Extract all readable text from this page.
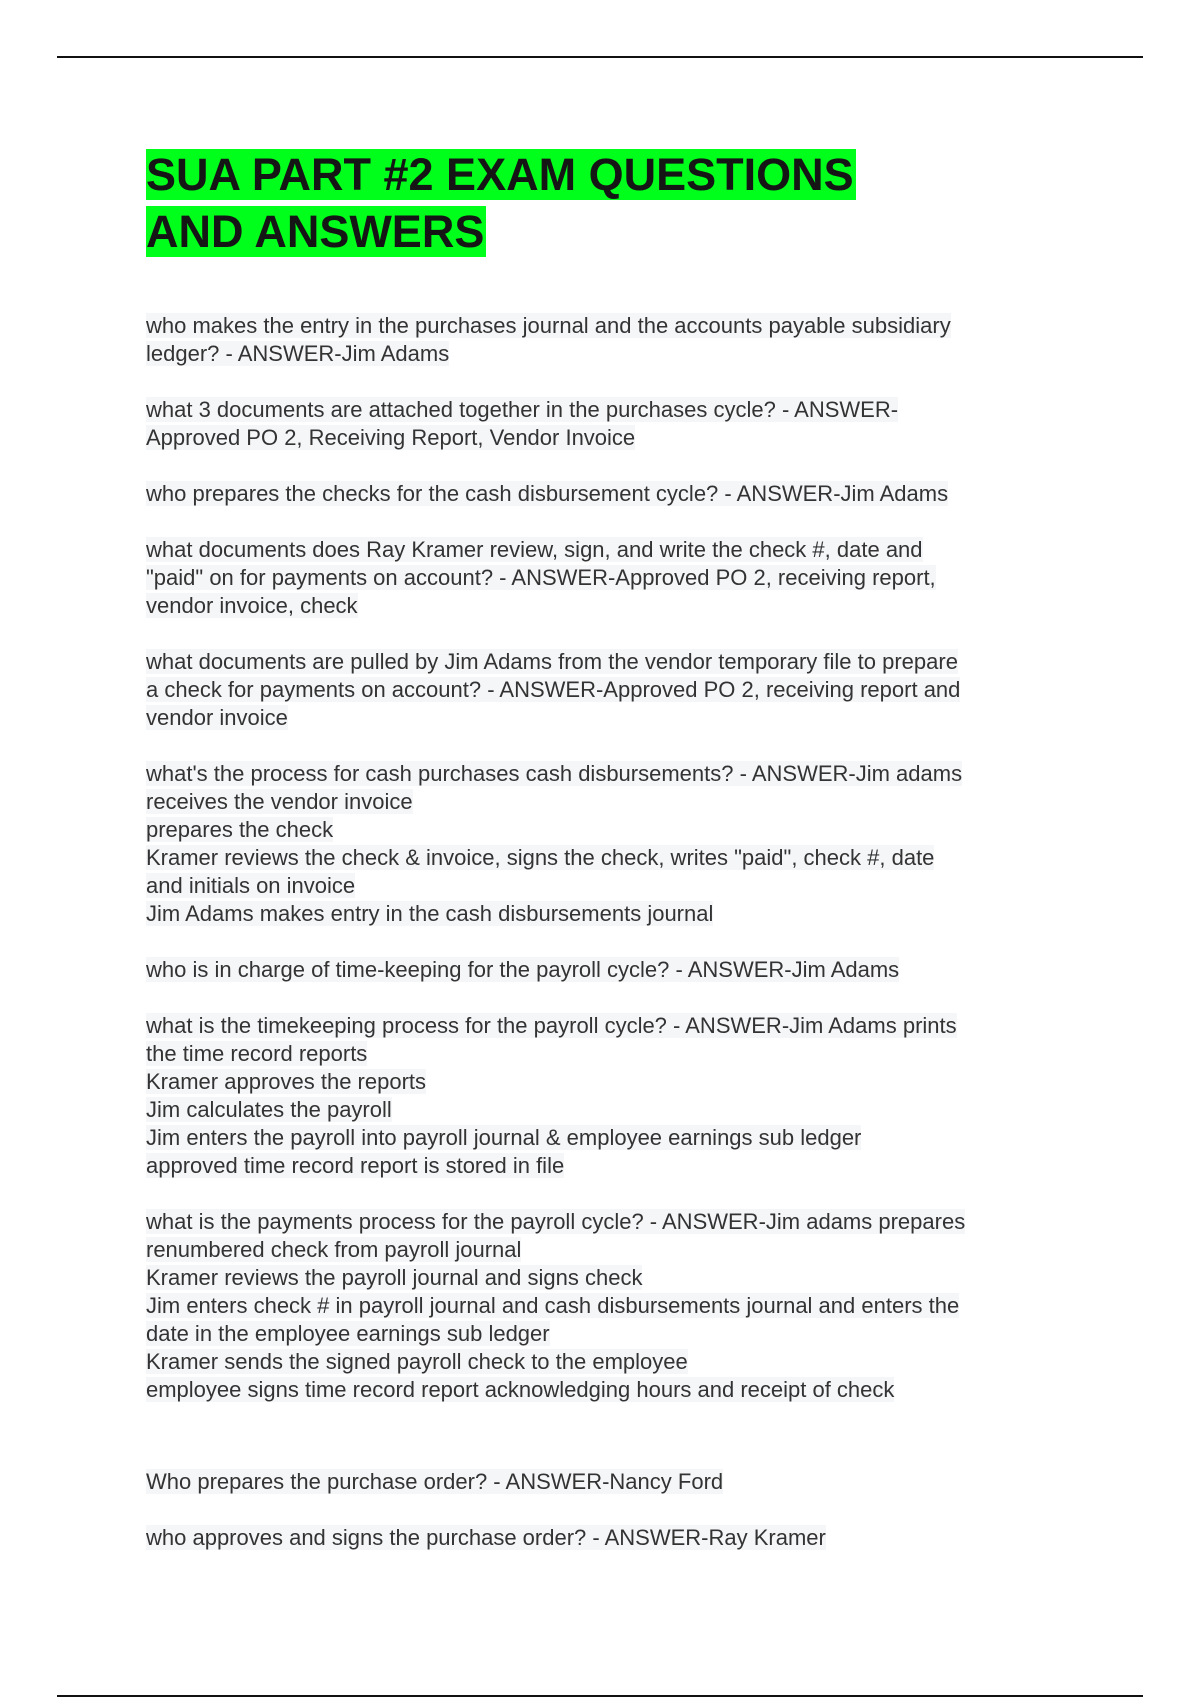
SUA PART #2 EXAM QUESTIONS
AND ANSWERS
who makes the entry in the purchases journal and the accounts payable subsidiary
ledger? - ANSWER-Jim Adams
what 3 documents are attached together in the purchases cycle? - ANSWER-
Approved PO 2, Receiving Report, Vendor Invoice
who prepares the checks for the cash disbursement cycle? - ANSWER-Jim Adams
what documents does Ray Kramer review, sign, and write the check #, date and
"paid" on for payments on account? - ANSWER-Approved PO 2, receiving report,
vendor invoice, check
what documents are pulled by Jim Adams from the vendor temporary file to prepare
a check for payments on account? - ANSWER-Approved PO 2, receiving report and
vendor invoice
what's the process for cash purchases cash disbursements? - ANSWER-Jim adams
receives the vendor invoice
prepares the check
Kramer reviews the check & invoice, signs the check, writes "paid", check #, date
and initials on invoice
Jim Adams makes entry in the cash disbursements journal
who is in charge of time-keeping for the payroll cycle? - ANSWER-Jim Adams
what is the timekeeping process for the payroll cycle? - ANSWER-Jim Adams prints
the time record reports
Kramer approves the reports
Jim calculates the payroll
Jim enters the payroll into payroll journal & employee earnings sub ledger
approved time record report is stored in file
what is the payments process for the payroll cycle? - ANSWER-Jim adams prepares
renumbered check from payroll journal
Kramer reviews the payroll journal and signs check
Jim enters check # in payroll journal and cash disbursements journal and enters the
date in the employee earnings sub ledger
Kramer sends the signed payroll check to the employee
employee signs time record report acknowledging hours and receipt of check
Who prepares the purchase order? - ANSWER-Nancy Ford
who approves and signs the purchase order? - ANSWER-Ray Kramer
